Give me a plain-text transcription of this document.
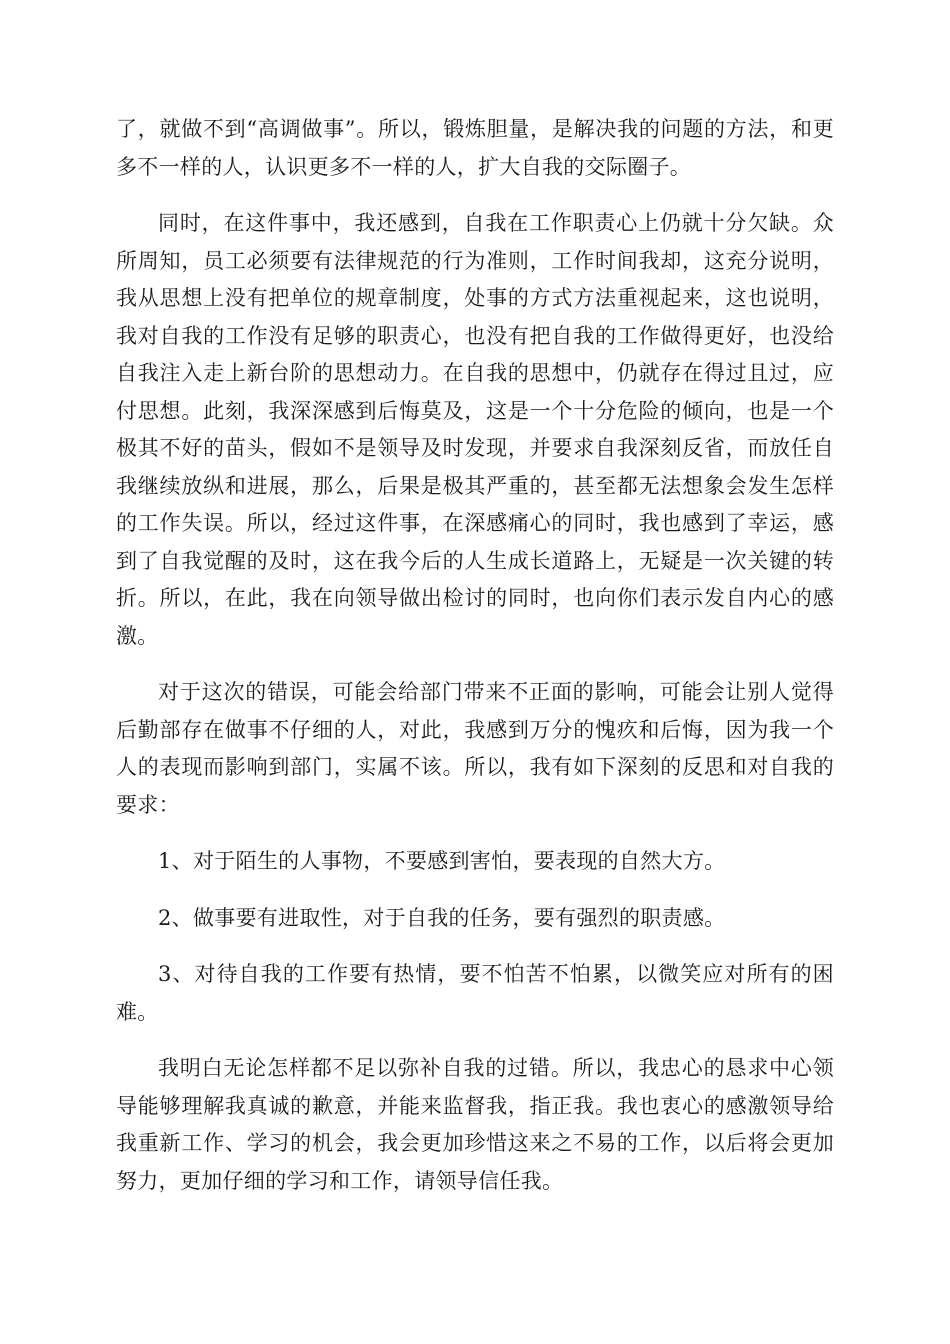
了，就做不到“高调做事”。所以，锻炼胆量，是解决我的问题的方法，和更多不一样的人，认识更多不一样的人，扩大自我的交际圈子。

同时，在这件事中，我还感到，自我在工作职责心上仍就十分欠缺。众所周知，员工必须要有法律规范的行为准则，工作时间我却，这充分说明，我从思想上没有把单位的规章制度，处事的方式方法重视起来，这也说明，我对自我的工作没有足够的职责心，也没有把自我的工作做得更好，也没给自我注入走上新台阶的思想动力。在自我的思想中，仍就存在得过且过，应付思想。此刻，我深深感到后悔莫及，这是一个十分危险的倾向，也是一个极其不好的苗头，假如不是领导及时发现，并要求自我深刻反省，而放任自我继续放纵和进展，那么，后果是极其严重的，甚至都无法想象会发生怎样的工作失误。所以，经过这件事，在深感痛心的同时，我也感到了幸运，感到了自我觉醒的及时，这在我今后的人生成长道路上，无疑是一次关键的转折。所以，在此，我在向领导做出检讨的同时，也向你们表示发自内心的感激。

对于这次的错误，可能会给部门带来不正面的影响，可能会让别人觉得后勤部存在做事不仔细的人，对此，我感到万分的愧疚和后悔，因为我一个人的表现而影响到部门，实属不该。所以，我有如下深刻的反思和对自我的要求：

1、对于陌生的人事物，不要感到害怕，要表现的自然大方。

2、做事要有进取性，对于自我的任务，要有强烈的职责感。

3、对待自我的工作要有热情，要不怕苦不怕累，以微笑应对所有的困难。

我明白无论怎样都不足以弥补自我的过错。所以，我忠心的恳求中心领导能够理解我真诚的歉意，并能来监督我，指正我。我也衷心的感激领导给我重新工作、学习的机会，我会更加珍惜这来之不易的工作，以后将会更加努力，更加仔细的学习和工作，请领导信任我。
